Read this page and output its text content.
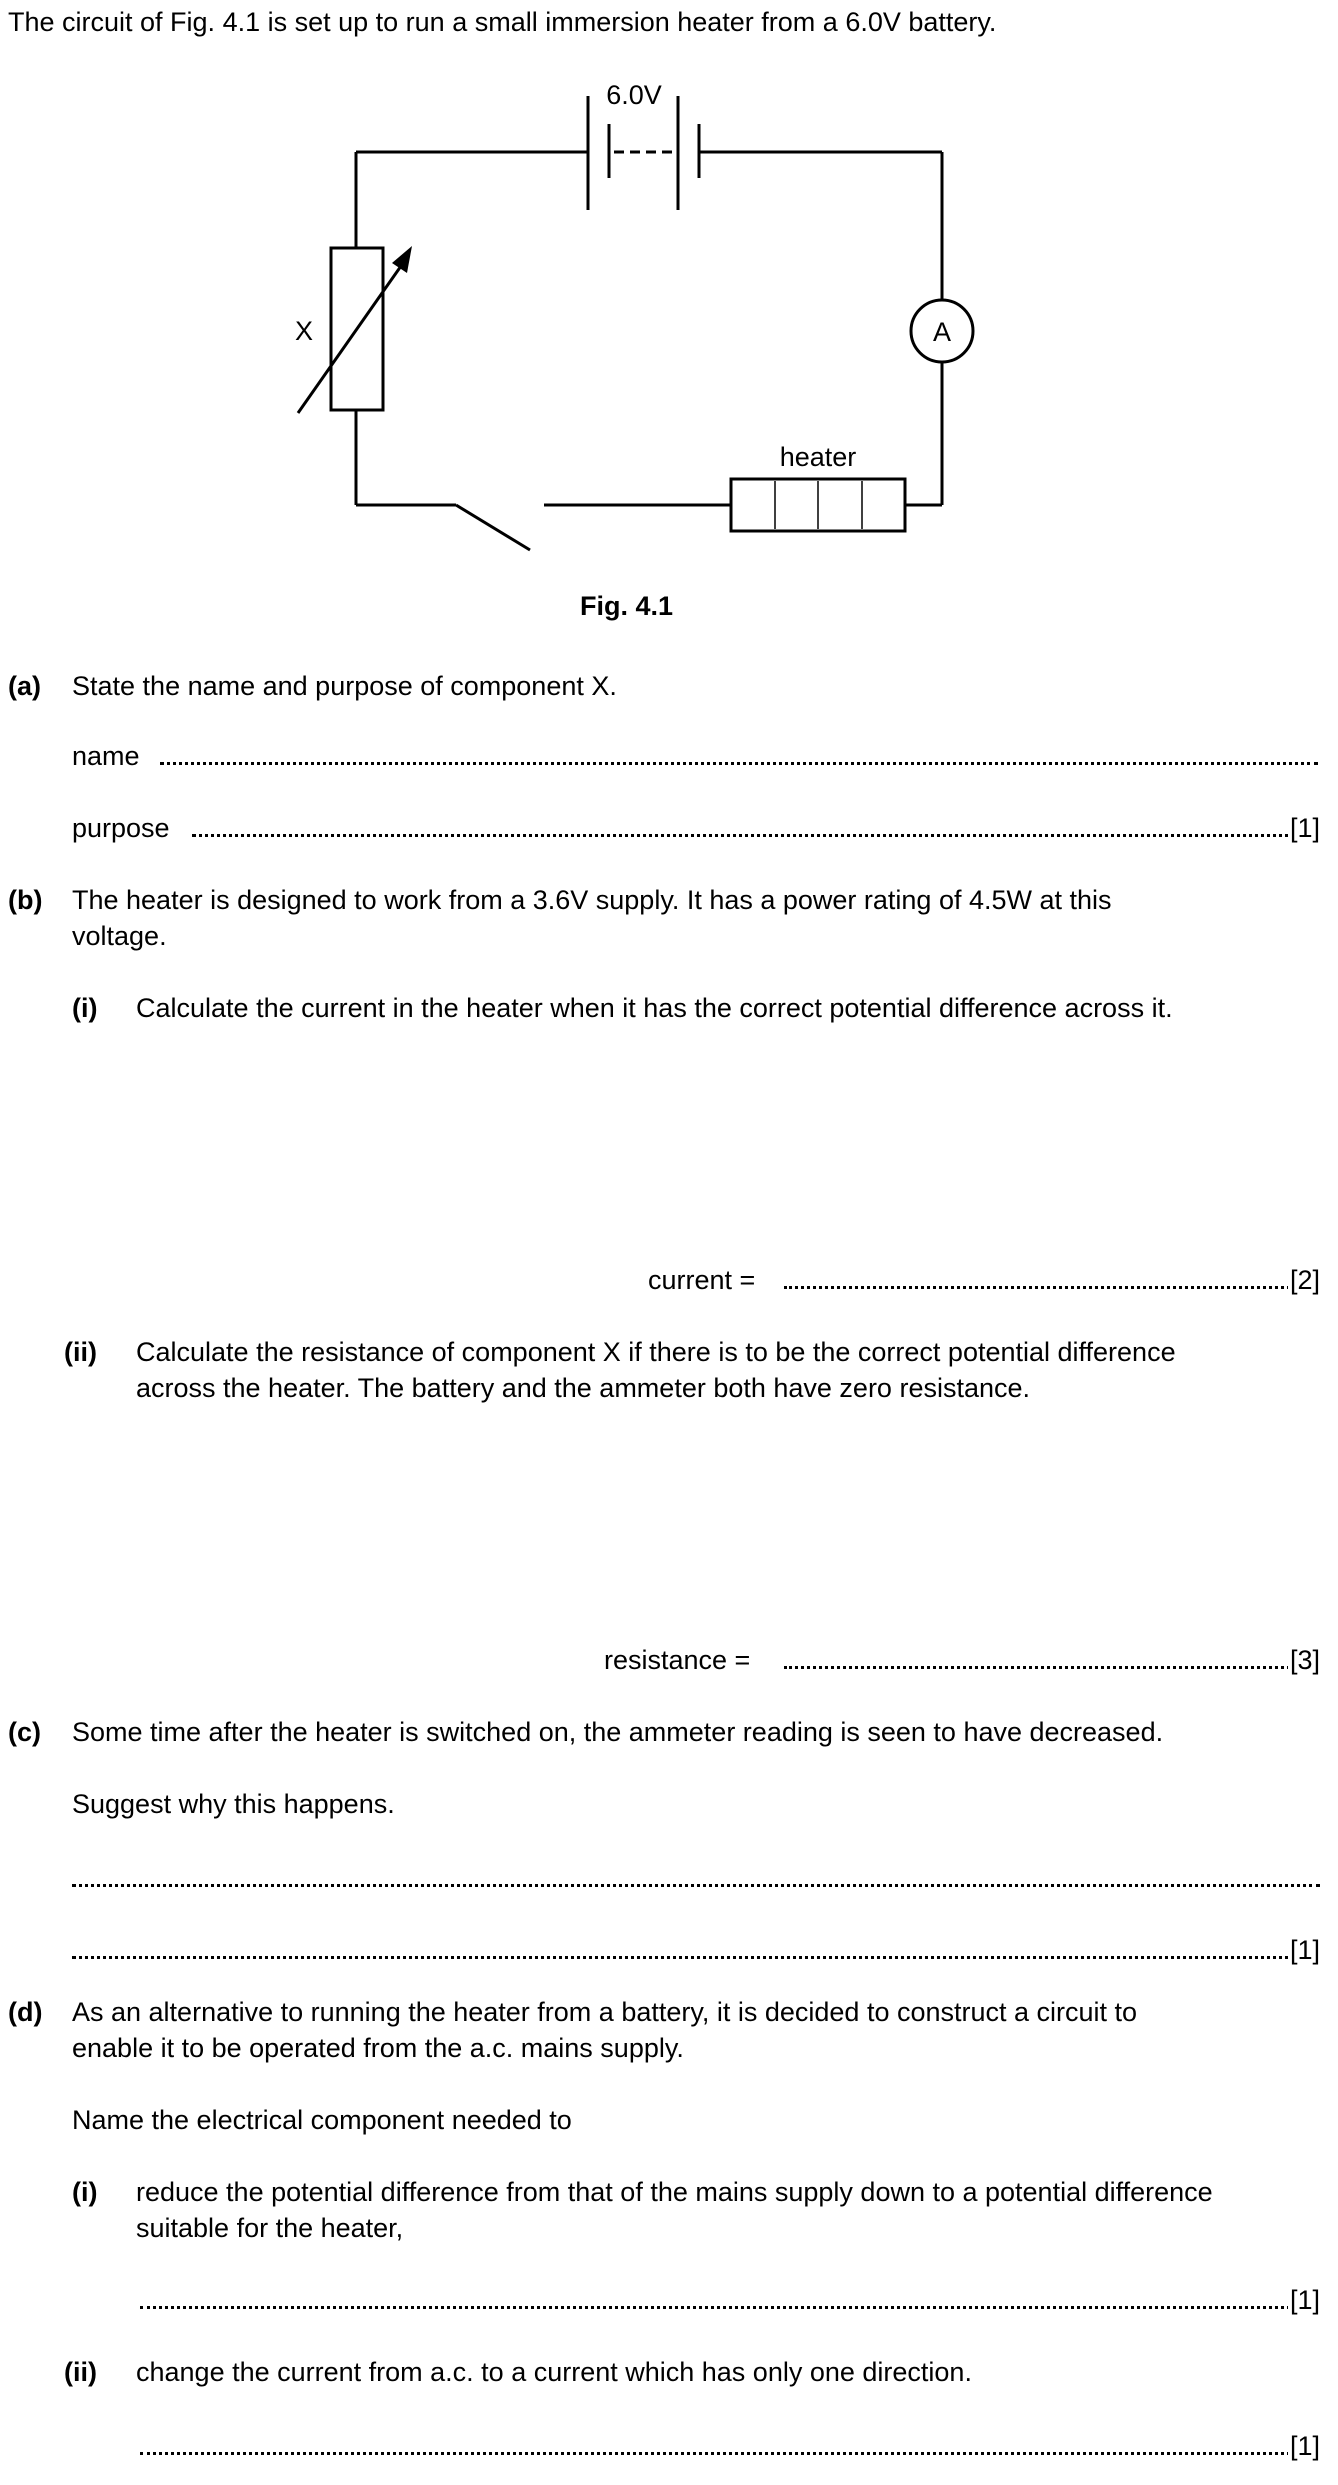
The circuit of Fig. 4.1 is set up to run a small immersion heater from a 6.0V battery.
6.0V
X	A
heater
Fig. 4.1
(a) State the name and purpose of component X.
name
purpose	[1]
(b) The heater is designed to work from a 3.6V supply. It has a power rating of 4.5W at this
voltage.
(i) Calculate the current in the heater when it has the correct potential difference across it.
current =	[2]
(ii) Calculate the resistance of component X if there is to be the correct potential difference
across the heater. The battery and the ammeter both have zero resistance.
resistance =	[3]
(c) Some time after the heater is switched on, the ammeter reading is seen to have decreased.
Suggest why this happens.
[1]
(d) As an alternative to running the heater from a battery, it is decided to construct a circuit to
enable it to be operated from the a.c. mains supply.
Name the electrical component needed to
(i) reduce the potential difference from that of the mains supply down to a potential difference
suitable for the heater,
[1]
(ii) change the current from a.c. to a current which has only one direction.
[1]
